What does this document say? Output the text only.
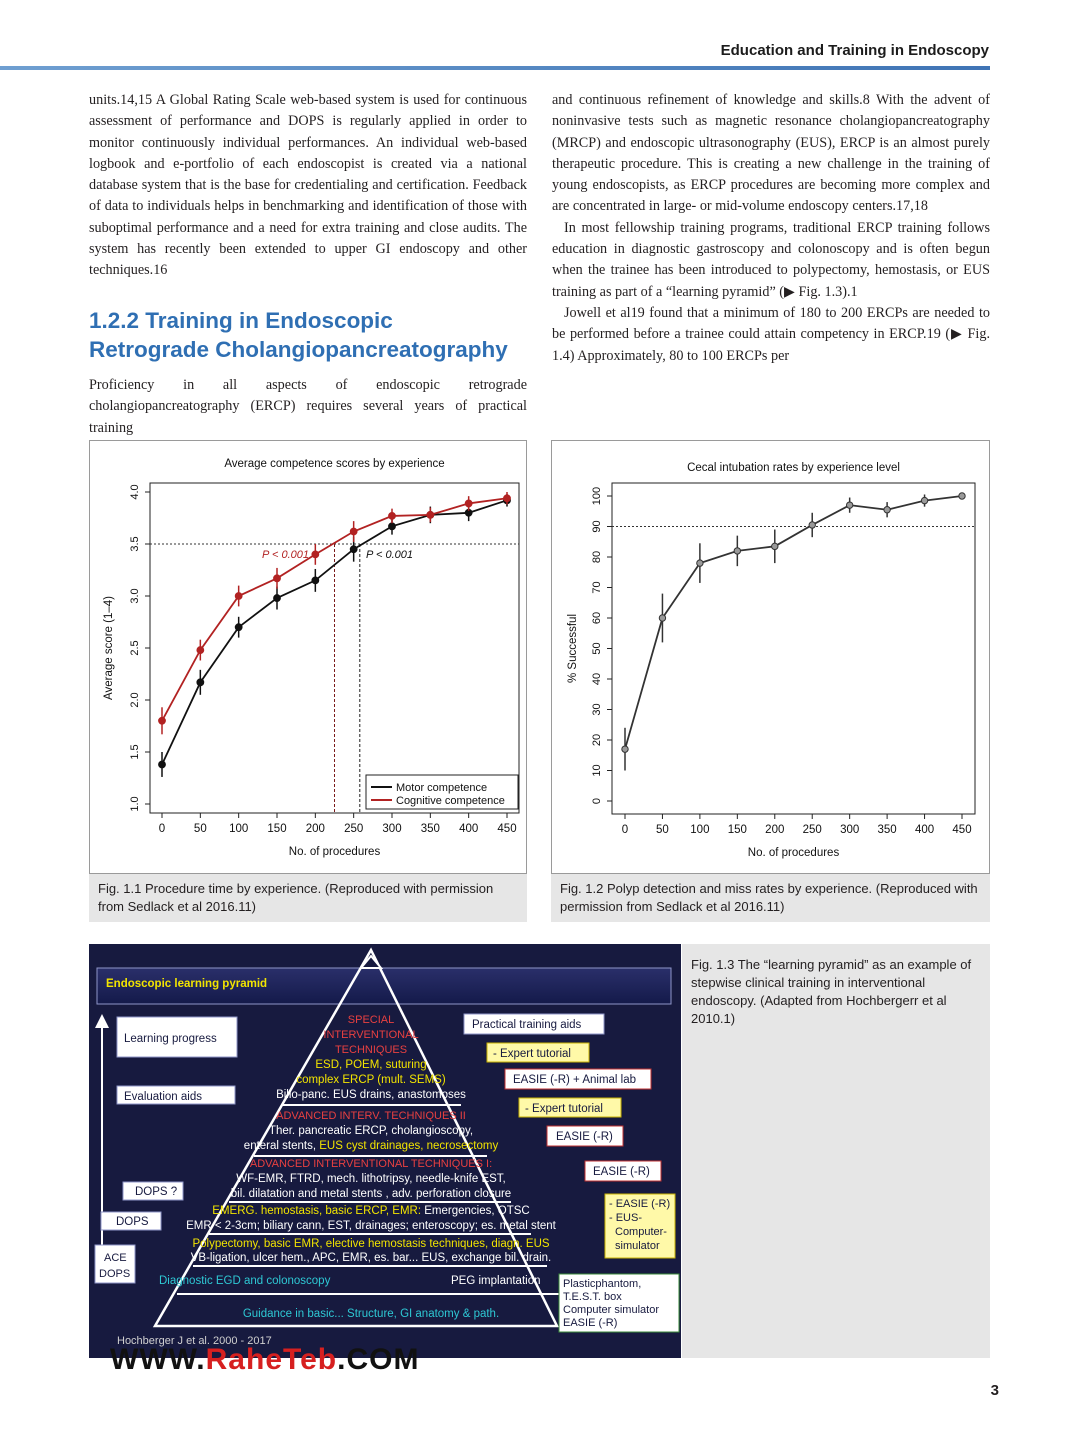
Education and Training in Endoscopy

units.14,15 A Global Rating Scale web-based system is used for continuous assessment of performance and DOPS is regularly applied in order to monitor continuously individual performances. An individual web-based logbook and e-portfolio of each endoscopist is created via a national database system that is the base for credentialing and certification. Feedback of data to individuals helps in benchmarking and identification of those with suboptimal performance and a need for extra training and close audits. The system has recently been extended to upper GI endoscopy and other techniques.16

1.2.2 Training in Endoscopic
Retrograde Cholangiopancreatography

Proficiency in all aspects of endoscopic retrograde cholangiopancreatography (ERCP) requires several years of practical training

and continuous refinement of knowledge and skills.8 With the advent of noninvasive tests such as magnetic resonance cholangiopancreatography (MRCP) and endoscopic ultrasonography (EUS), ERCP is an almost purely therapeutic procedure. This is creating a new challenge in the training of young endoscopists, as ERCP procedures are becoming more complex and are concentrated in large- or mid-volume endoscopy centers.17,18

In most fellowship training programs, traditional ERCP training follows education in diagnostic gastroscopy and colonoscopy and is often begun when the trainee has been introduced to polypectomy, hemostasis, or EUS training as part of a “learning pyramid” (▶ Fig. 1.3).1

Jowell et al19 found that a minimum of 180 to 200 ERCPs are needed to be performed before a trainee could attain competency in ERCP.19 (▶ Fig. 1.4) Approximately, 80 to 100 ERCPs per

Average competence scores by experience
0 50 100 150 200 250 300 350 400 450
No. of procedures
1.0
1.5
2.0
2.5
3.0
3.5
4.0
Average score (1–4)
P < 0.001	P < 0.001
Motor competence
Cognitive competence
Fig. 1.1 Procedure time by experience. (Reproduced with permission from Sedlack et al 2016.11)
Cecal intubation rates by experience level
0 50 100 150 200 250 300 350 400 450
No. of procedures
0
10
20
30
40
50
60
70
80
90
100
% Successful
Fig. 1.2 Polyp detection and miss rates by experience. (Reproduced with permission from Sedlack et al 2016.11)
Endoscopic learning pyramid
Learning progress
Evaluation aids
DOPS ?
DOPS
ACE
DOPS
Practical training aids
- Expert tutorial
EASIE (-R) + Animal lab
- Expert tutorial
EASIE (-R)
EASIE (-R)
- EASIE (-R)
- EUS-
Computer-
simulator
Plasticphantom,
T.E.S.T. box
Computer simulator
EASIE (-R)
SPECIAL
INTERVENTIONAL
TECHNIQUES
ESD, POEM, suturing
complex ERCP (mult. SEMS)
Bilio-panc. EUS drains, anastomoses
ADVANCED INTERV. TECHNIQUES II
Ther. pancreatic ERCP, cholangioscopy,
enteral stents, EUS cyst drainages, necrosectomy
ADVANCED INTERVENTIONAL TECHNIQUES I:
WF-EMR, FTRD, mech. lithotripsy, needle-knife EST,
bil. dilatation and metal stents , adv. perforation closure
EMERG. hemostasis, basic ERCP, EMR: Emergencies, OTSC
EMR < 2-3cm; biliary cann, EST, drainages; enteroscopy; es. metal stent
Polypectomy, basic EMR, elective hemostasis techniques, diagn. EUS
VB-ligation, ulcer hem., APC, EMR, es. bar... EUS, exchange bil. drain.
Diagnostic EGD and colonoscopy	PEG implantation
Guidance in basic... Structure, GI anatomy & path.
Hochberger J et al. 2000 - 2017
Fig. 1.3 The “learning pyramid” as an example of stepwise clinical training in interventional endoscopy. (Adapted from Hochbergerr et al 2010.1)
WWW.RaheTeb.COM
3
